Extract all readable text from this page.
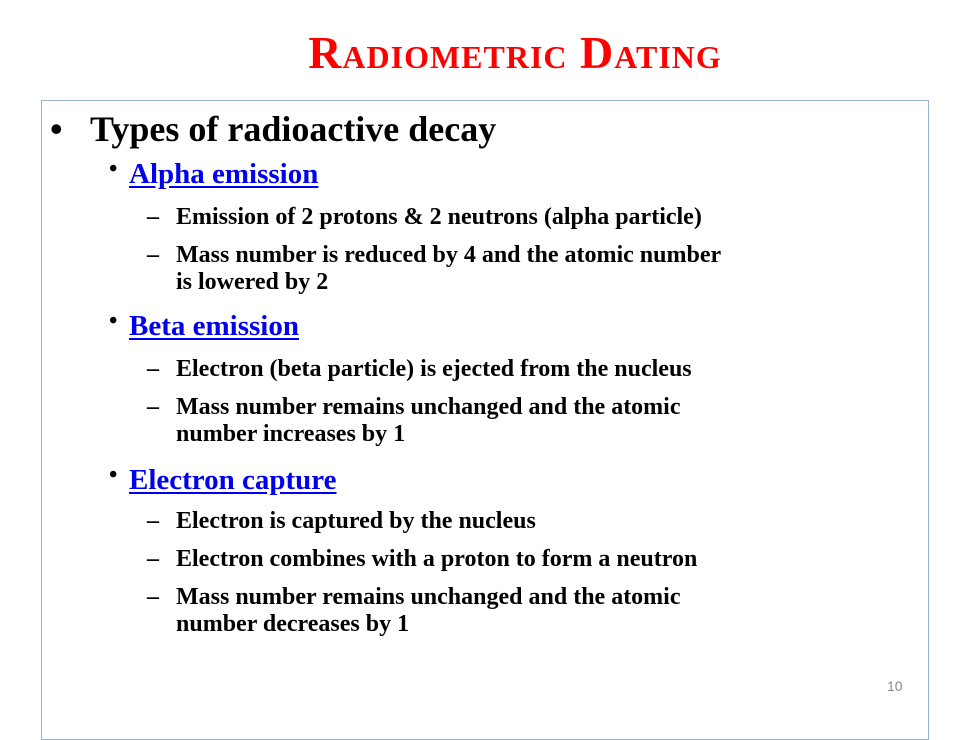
Radiometric Dating
• Types of radioactive decay
• Alpha emission
– Emission of 2 protons & 2 neutrons (alpha particle)
– Mass number is reduced by 4 and the atomic number
is lowered by 2
• Beta emission
– Electron (beta particle) is ejected from the nucleus
– Mass number remains unchanged and the atomic
number increases by 1
• Electron capture
– Electron is captured by the nucleus
– Electron combines with a proton to form a neutron
– Mass number remains unchanged and the atomic
number decreases by 1
10
